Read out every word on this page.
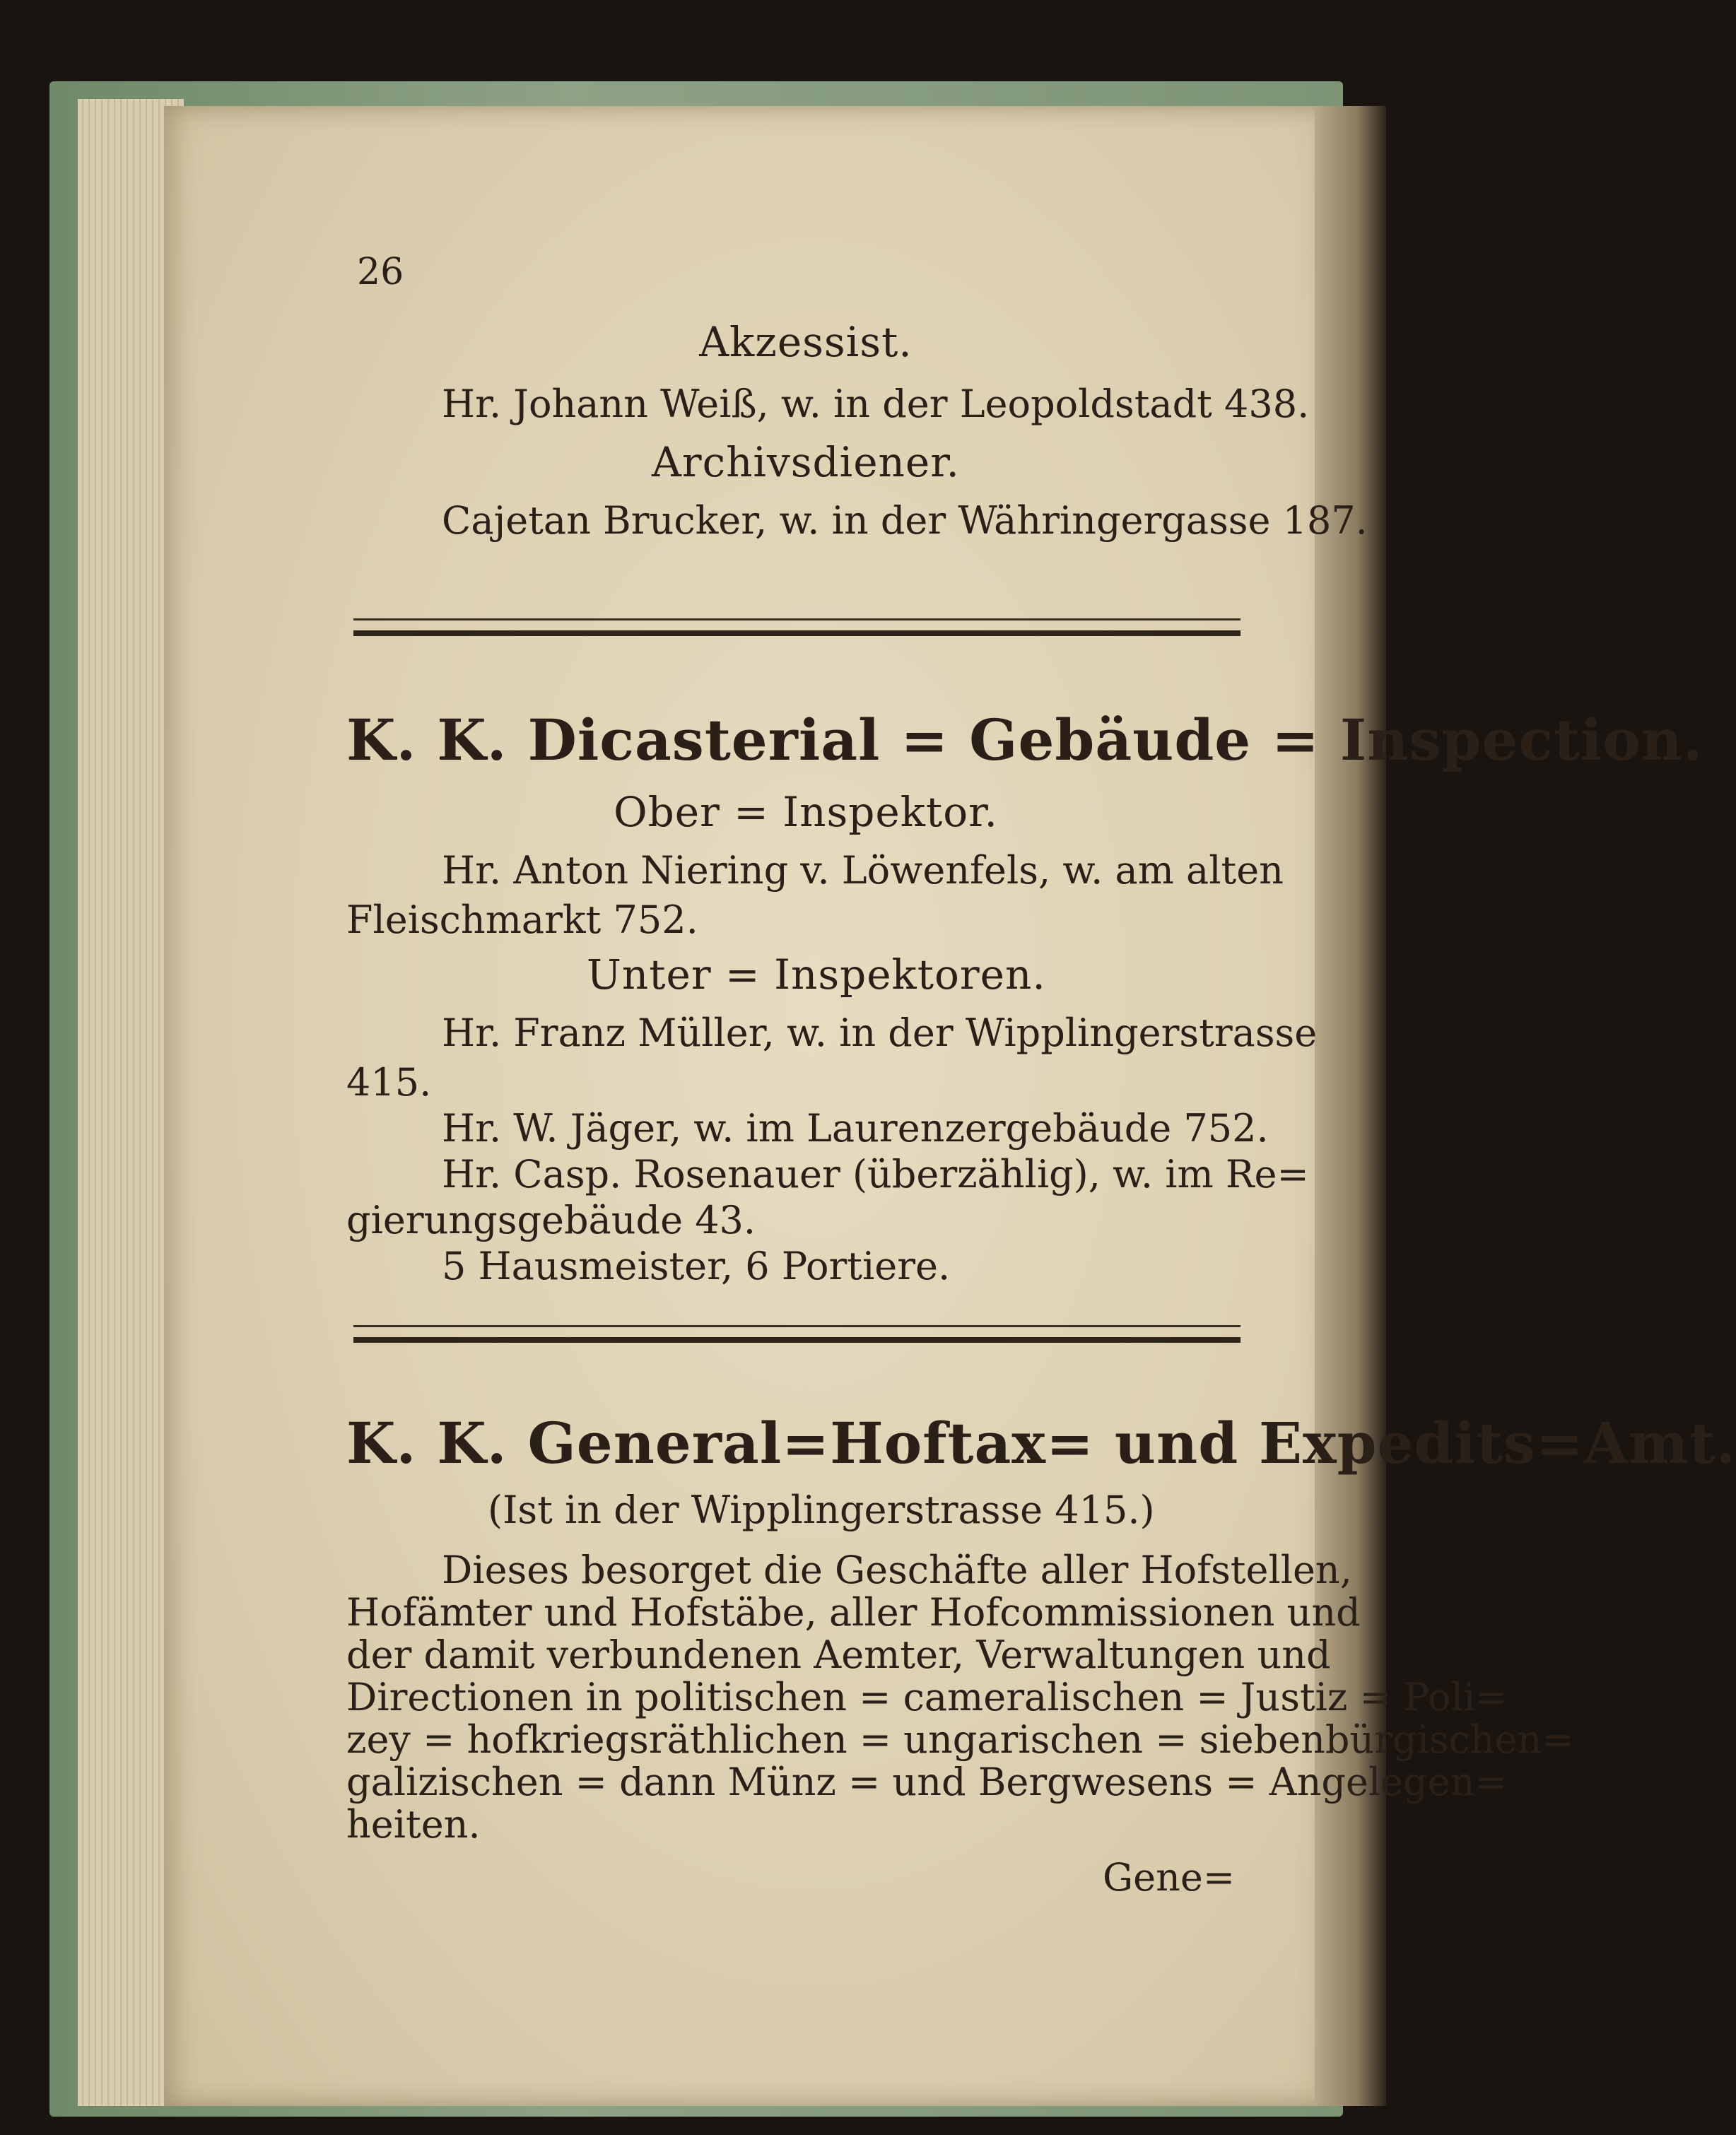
26
Akzessist.
Hr. Johann Weiß, w. in der Leopoldstadt 438.
Archivsdiener.
Cajetan Brucker, w. in der Währingergasse 187.
K. K. Dicasterial = Gebäude = Inspection.
Ober = Inspektor.
Hr. Anton Niering v. Löwenfels, w. am alten
Fleischmarkt 752.
Unter = Inspektoren.
Hr. Franz Müller, w. in der Wipplingerstrasse
415.
Hr. W. Jäger, w. im Laurenzergebäude 752.
Hr. Casp. Rosenauer (überzählig), w. im Re=
gierungsgebäude 43.
5 Hausmeister, 6 Portiere.
K. K. General=Hoftax= und Expedits=Amt.
(Ist in der Wipplingerstrasse 415.)
Dieses besorget die Geschäfte aller Hofstellen,
Hofämter und Hofstäbe, aller Hofcommissionen und
der damit verbundenen Aemter, Verwaltungen und
Directionen in politischen = cameralischen = Justiz = Poli=
zey = hofkriegsräthlichen = ungarischen = siebenbürgischen=
galizischen = dann Münz = und Bergwesens = Angelegen=
heiten.
Gene=
